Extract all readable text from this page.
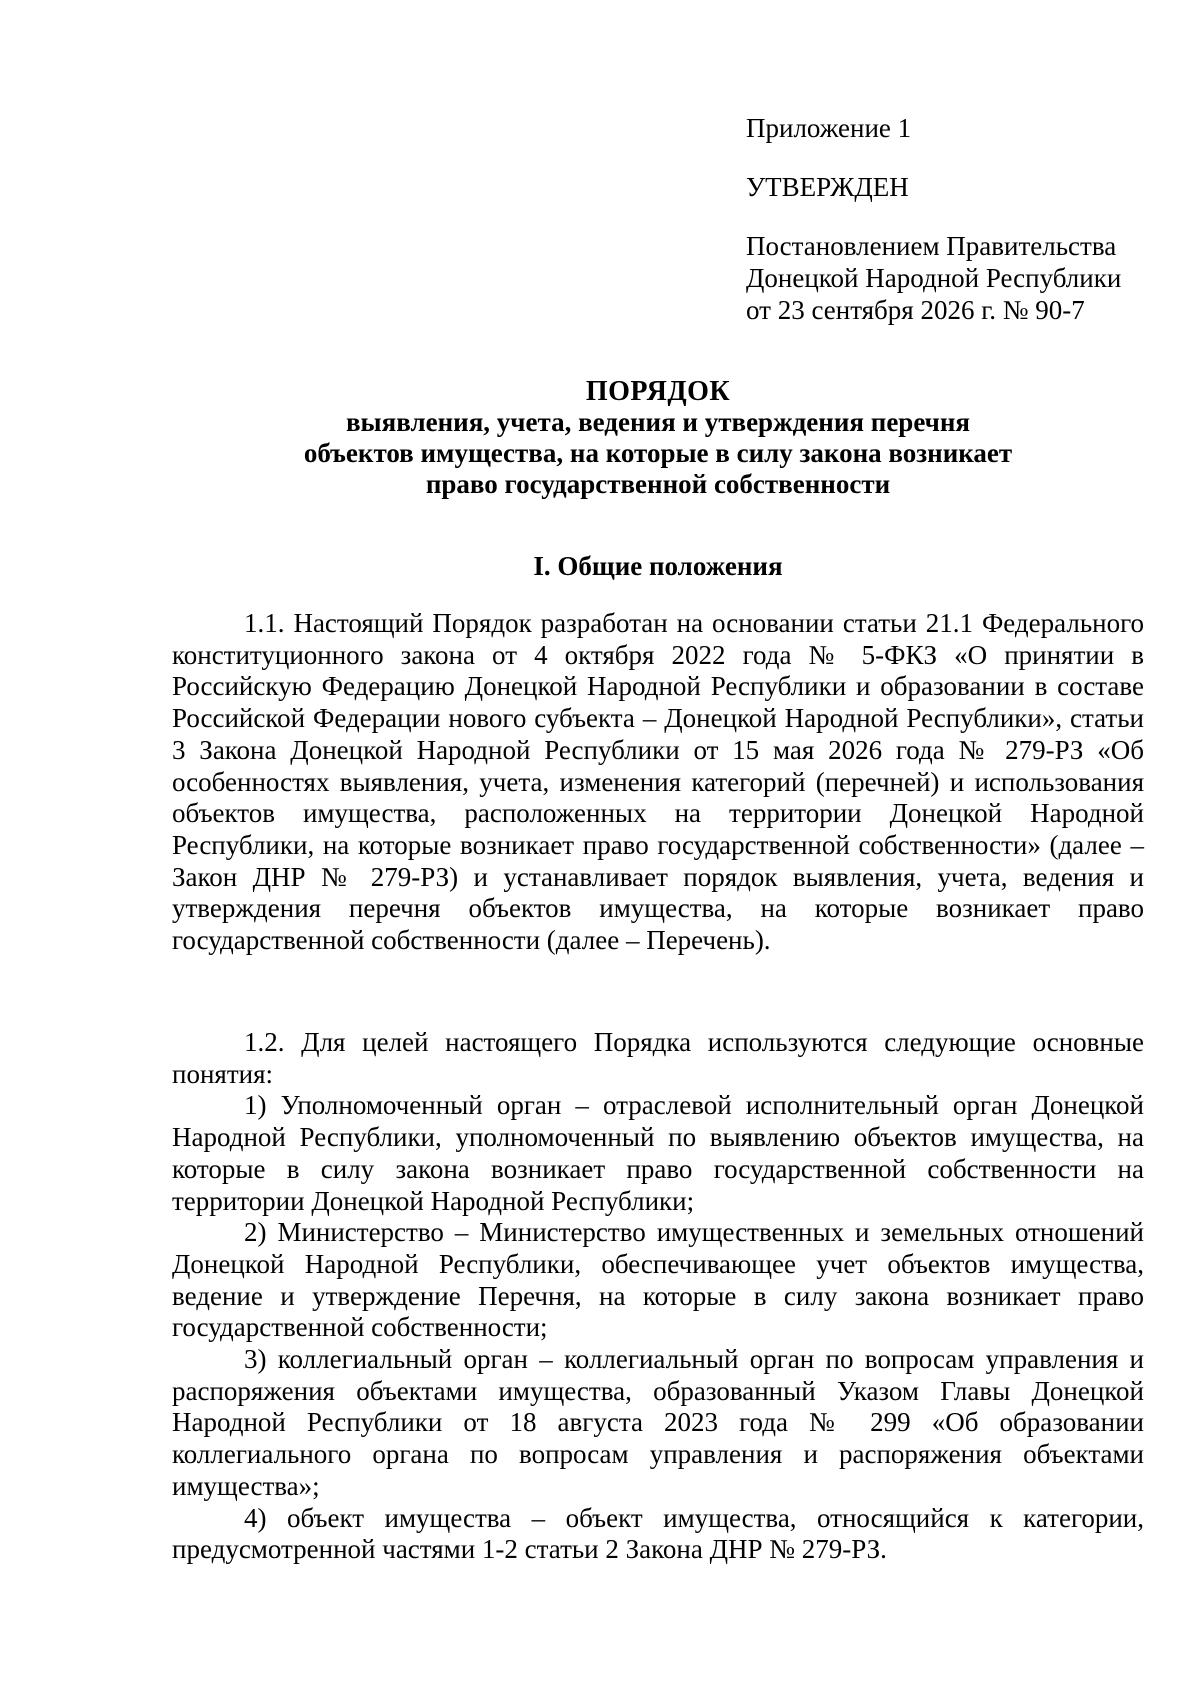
Приложение 1
УТВЕРЖДЕН
Постановлением Правительства
Донецкой Народной Республики
от 23 сентября 2026 г. № 90-7
ПОРЯДОК
выявления, учета, ведения и утверждения перечня
объектов имущества, на которые в силу закона возникает
право государственной собственности
I. Общие положения

1.1. Настоящий Порядок разработан на основании статьи 21.1 Федерального конституционного закона от 4 октября 2022 года № 5-ФКЗ «О принятии в Российскую Федерацию Донецкой Народной Республики и образовании в составе Российской Федерации нового субъекта – Донецкой Народной Республики», статьи 3 Закона Донецкой Народной Республики от 15 мая 2026 года № 279-РЗ «Об особенностях выявления, учета, изменения категорий (перечней) и использования объектов имущества, расположенных на территории Донецкой Народной Республики, на которые возникает право государственной собственности» (далее – Закон ДНР № 279-РЗ) и устанавливает порядок выявления, учета, ведения и утверждения перечня объектов имущества, на которые возникает право государственной собственности (далее – Перечень).

1.2. Для целей настоящего Порядка используются следующие основные понятия:

1) Уполномоченный орган – отраслевой исполнительный орган Донецкой Народной Республики, уполномоченный по выявлению объектов имущества, на которые в силу закона возникает право государственной собственности на территории Донецкой Народной Республики;

2) Министерство – Министерство имущественных и земельных отношений Донецкой Народной Республики, обеспечивающее учет объектов имущества, ведение и утверждение Перечня, на которые в силу закона возникает право государственной собственности;

3) коллегиальный орган – коллегиальный орган по вопросам управления и распоряжения объектами имущества, образованный Указом Главы Донецкой Народной Республики от 18 августа 2023 года № 299 «Об образовании коллегиального органа по вопросам управления и распоряжения объектами имущества»;

4) объект имущества – объект имущества, относящийся к категории, предусмотренной частями 1-2 статьи 2 Закона ДНР № 279-РЗ.
